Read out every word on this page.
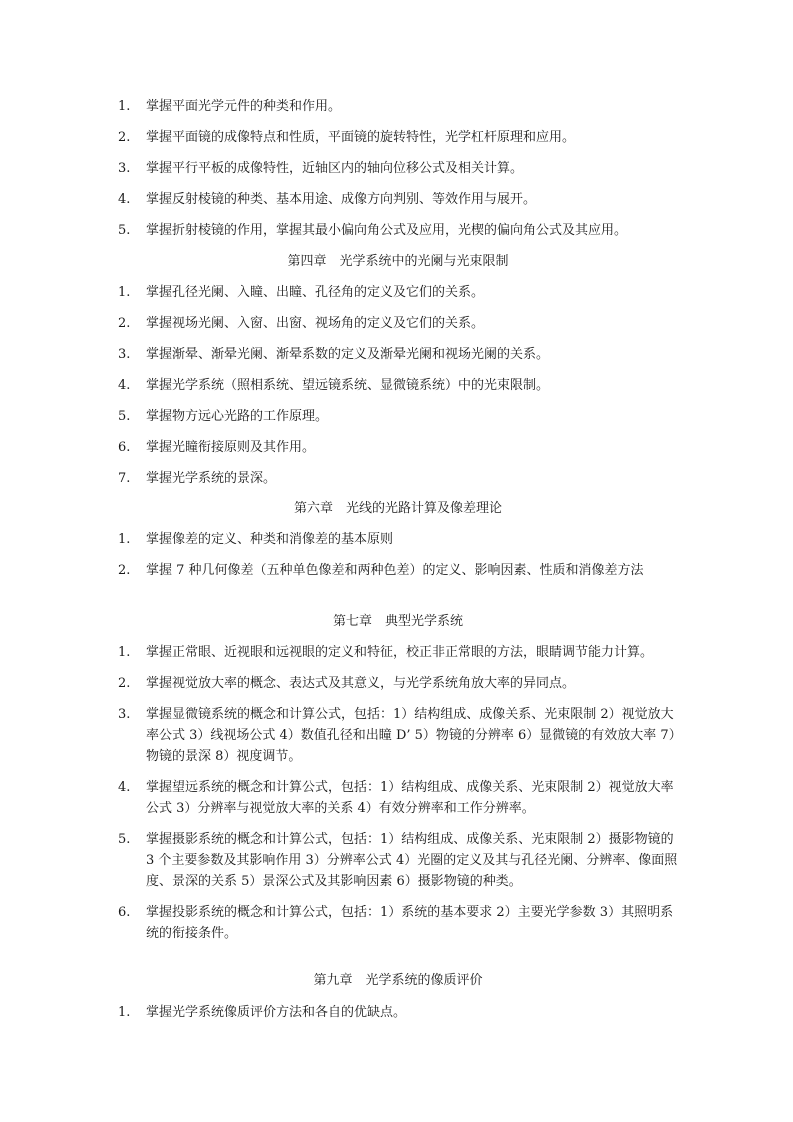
1. 掌握平面光学元件的种类和作用。
2. 掌握平面镜的成像特点和性质，平面镜的旋转特性，光学杠杆原理和应用。
3. 掌握平行平板的成像特性，近轴区内的轴向位移公式及相关计算。
4. 掌握反射棱镜的种类、基本用途、成像方向判别、等效作用与展开。
5. 掌握折射棱镜的作用，掌握其最小偏向角公式及应用，光楔的偏向角公式及其应用。
第四章　光学系统中的光阑与光束限制
1. 掌握孔径光阑、入瞳、出瞳、孔径角的定义及它们的关系。
2. 掌握视场光阑、入窗、出窗、视场角的定义及它们的关系。
3. 掌握渐晕、渐晕光阑、渐晕系数的定义及渐晕光阑和视场光阑的关系。
4. 掌握光学系统（照相系统、望远镜系统、显微镜系统）中的光束限制。
5. 掌握物方远心光路的工作原理。
6. 掌握光瞳衔接原则及其作用。
7. 掌握光学系统的景深。
第六章　光线的光路计算及像差理论
1. 掌握像差的定义、种类和消像差的基本原则
2. 掌握 7 种几何像差（五种单色像差和两种色差）的定义、影响因素、性质和消像差方法
第七章　典型光学系统
1. 掌握正常眼、近视眼和远视眼的定义和特征，校正非正常眼的方法，眼睛调节能力计算。
2. 掌握视觉放大率的概念、表达式及其意义，与光学系统角放大率的异同点。
3. 掌握显微镜系统的概念和计算公式，包括：1）结构组成、成像关系、光束限制 2）视觉放大率公式 3）线视场公式 4）数值孔径和出瞳 D’ 5）物镜的分辨率 6）显微镜的有效放大率 7）物镜的景深 8）视度调节。
4. 掌握望远系统的概念和计算公式，包括：1）结构组成、成像关系、光束限制 2）视觉放大率公式 3）分辨率与视觉放大率的关系 4）有效分辨率和工作分辨率。
5. 掌握摄影系统的概念和计算公式，包括：1）结构组成、成像关系、光束限制 2）摄影物镜的 3 个主要参数及其影响作用 3）分辨率公式 4）光圈的定义及其与孔径光阑、分辨率、像面照度、景深的关系 5）景深公式及其影响因素 6）摄影物镜的种类。
6. 掌握投影系统的概念和计算公式，包括：1）系统的基本要求 2）主要光学参数 3）其照明系统的衔接条件。
第九章　光学系统的像质评价
1. 掌握光学系统像质评价方法和各自的优缺点。
